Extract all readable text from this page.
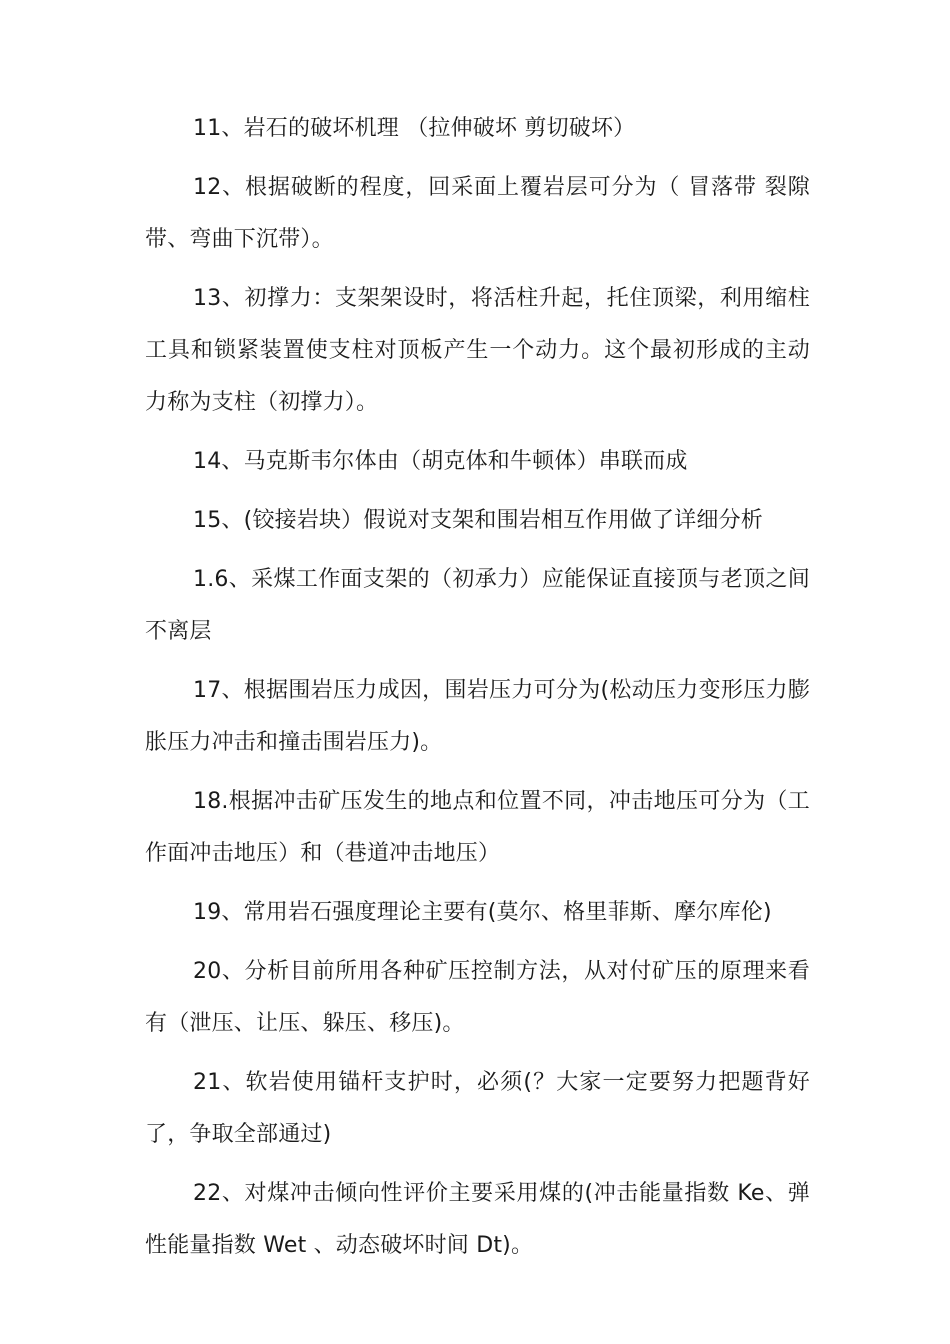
11、岩石的破坏机理 （拉伸破坏 剪切破坏）

12、根据破断的程度，回采面上覆岩层可分为（ 冒落带 裂隙带、弯曲下沉带）。

13、初撑力：支架架设时，将活柱升起，托住顶梁，利用缩柱工具和锁紧装置使支柱对顶板产生一个动力。这个最初形成的主动力称为支柱（初撑力）。

14、马克斯韦尔体由（胡克体和牛顿体）串联而成

15、(铰接岩块）假说对支架和围岩相互作用做了详细分析

1.6、采煤工作面支架的（初承力）应能保证直接顶与老顶之间不离层

17、根据围岩压力成因，围岩压力可分为(松动压力变形压力膨胀压力冲击和撞击围岩压力)。

18.根据冲击矿压发生的地点和位置不同，冲击地压可分为（工作面冲击地压）和（巷道冲击地压）

19、常用岩石强度理论主要有(莫尔、格里菲斯、摩尔库伦)

20、分析目前所用各种矿压控制方法，从对付矿压的原理来看有（泄压、让压、躲压、移压)。

21、软岩使用锚杆支护时，必须(？大家一定要努力把题背好了，争取全部通过)

22、对煤冲击倾向性评价主要采用煤的(冲击能量指数 Ke、弹性能量指数 Wet 、动态破坏时间 Dt)。
